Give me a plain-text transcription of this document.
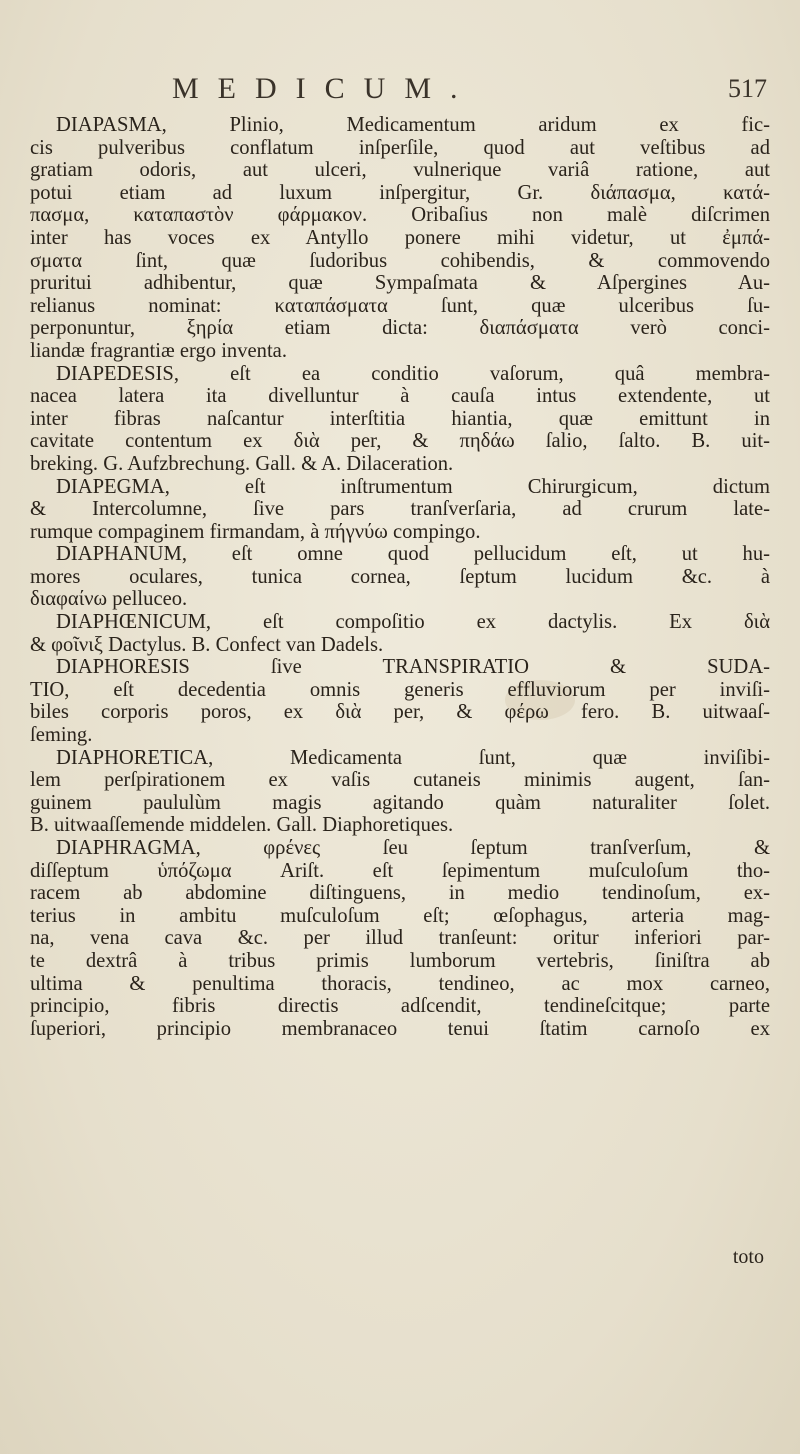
MEDICUM.	517
DIAPASMA, Plinio, Medicamentum aridum ex fic-
cis pulveribus conflatum inſperſile, quod aut veſtibus ad
gratiam odoris, aut ulceri, vulnerique variâ ratione, aut
potui etiam ad luxum inſpergitur, Gr. διάπασμα, κατά-
πασμα, καταπαστὸν φάρμακον. Oribaſius non malè diſcrimen
inter has voces ex Antyllo ponere mihi videtur, ut ἐμπά-
σματα ſint, quæ ſudoribus cohibendis, & commovendo
pruritui adhibentur, quæ Sympaſmata & Aſpergines Au-
relianus nominat: καταπάσματα ſunt, quæ ulceribus ſu-
perponuntur, ξηρία etiam dicta: διαπάσματα verò conci-
liandæ fragrantiæ ergo inventa.
DIAPEDESIS, eſt ea conditio vaſorum, quâ membra-
nacea latera ita divelluntur à cauſa intus extendente, ut
inter fibras naſcantur interſtitia hiantia, quæ emittunt in
cavitate contentum ex διὰ per, & πηδάω ſalio, ſalto. B. uit-
breking. G. Aufzbrechung. Gall. & A. Dilaceration.
DIAPEGMA, eſt inſtrumentum Chirurgicum, dictum
& Intercolumne, ſive pars tranſverſaria, ad crurum late-
rumque compaginem firmandam, à πήγνύω compingo.
DIAPHANUM, eſt omne quod pellucidum eſt, ut hu-
mores oculares, tunica cornea, ſeptum lucidum &c. à
διαφαίνω pelluceo.
DIAPHŒNICUM, eſt compoſitio ex dactylis. Ex διὰ
& φοῖνιξ Dactylus. B. Confect van Dadels.
DIAPHORESIS ſive TRANSPIRATIO & SUDA-
TIO, eſt decedentia omnis generis effluviorum per inviſi-
biles corporis poros, ex διὰ per, & φέρω fero. B. uitwaaſ-
ſeming.
DIAPHORETICA, Medicamenta ſunt, quæ inviſibi-
lem perſpirationem ex vaſis cutaneis minimis augent, ſan-
guinem paululùm magis agitando quàm naturaliter ſolet.
B. uitwaaſſemende middelen. Gall. Diaphoretiques.
DIAPHRAGMA, φρένες ſeu ſeptum tranſverſum, &
diſſeptum ὑπόζωμα Ariſt. eſt ſepimentum muſculoſum tho-
racem ab abdomine diſtinguens, in medio tendinoſum, ex-
terius in ambitu muſculoſum eſt; œſophagus, arteria mag-
na, vena cava &c. per illud tranſeunt: oritur inferiori par-
te dextrâ à tribus primis lumborum vertebris, ſiniſtra ab
ultima & penultima thoracis, tendineo, ac mox carneo,
principio, fibris directis adſcendit, tendineſcitque; parte
ſuperiori, principio membranaceo tenui ſtatim carnoſo ex
toto
